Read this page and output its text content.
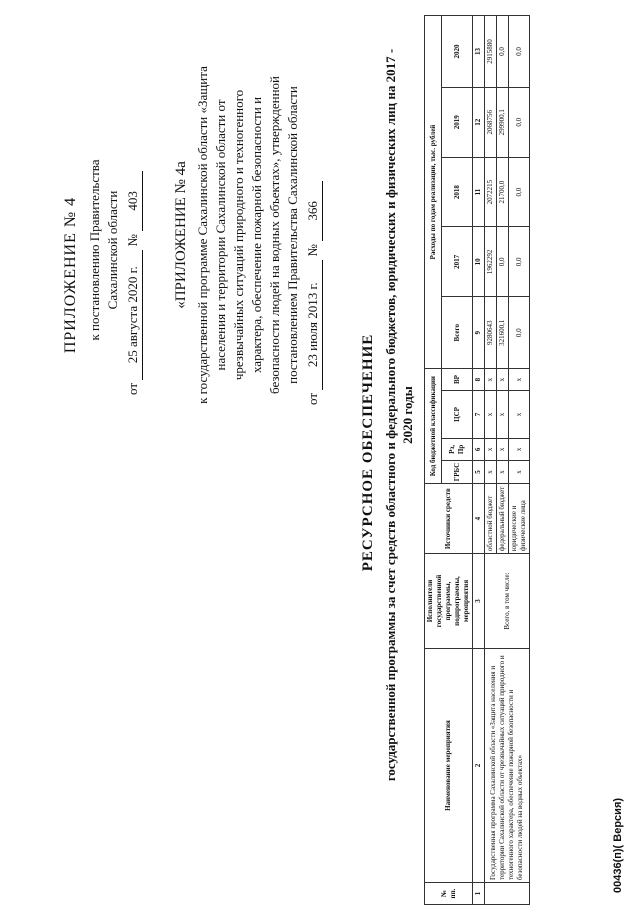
ПРИЛОЖЕНИЕ № 4 к постановлению Правительства Сахалинской области
от 25 августа 2020 г. № 403 «ПРИЛОЖЕНИЕ № 4а к государственной программе Сахалинской области «Защита населения и территории Сахалинской области от чрезвычайных ситуаций природного и техногенного характера, обеспечение пожарной безопасности и безопасности людей на водных объектах», утвержденной постановлением Правительства Сахалинской области
от 23 июля 2013 г. № 366
РЕСУРСНОЕ ОБЕСПЕЧЕНИЕ государственной программы за счет средств областного и федерального бюджетов, юридических и физических лиц на 2017 - 2020 годы
№ пп.	Наименование мероприятия	Исполнители государственной программы, подпрограммы, мероприятия	Источники средств	Код бюджетной классификации				Расходы по годам реализации, тыс. рублей				
				ГРБС	Рз, Пр	ЦСР	ВР	Всего	2017	2018	2019	2020
1	2	3	4	5	6	7	8	9	10	11	12	13
	Государственная программа Сахалинской области «Защита населения и территории Сахалинской области от чрезвычайных ситуаций природного и техногенного характера, обеспечение пожарной безопасности и безопасности людей на водных объектах»	Всего, в том числе:	областной бюджет	x	x	x	x	9280643	1962292	2072215	2068756	2915880
			федеральный бюджет	x	x	x	x	321600,1	0,0	21700,0	299900,1	0,0
			юридические и физические лица	x	x	x	x	0,0	0,0	0,0	0,0	0,0
00436(п)( Версия)
